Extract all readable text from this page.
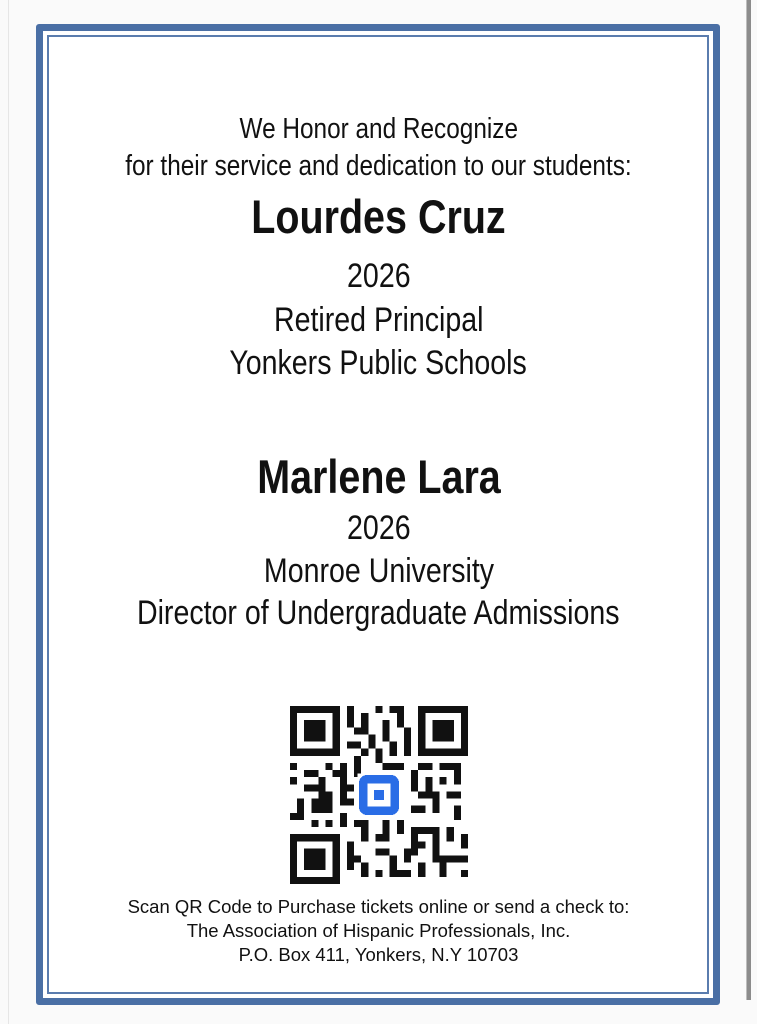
We Honor and Recognize
for their service and dedication to our students:
Lourdes Cruz
2026
Retired Principal
Yonkers Public Schools
Marlene Lara
2026
Monroe University
Director of Undergraduate Admissions
Scan QR Code to Purchase tickets online or send a check to:
The Association of Hispanic Professionals, Inc.
P.O. Box 411, Yonkers, N.Y 10703
